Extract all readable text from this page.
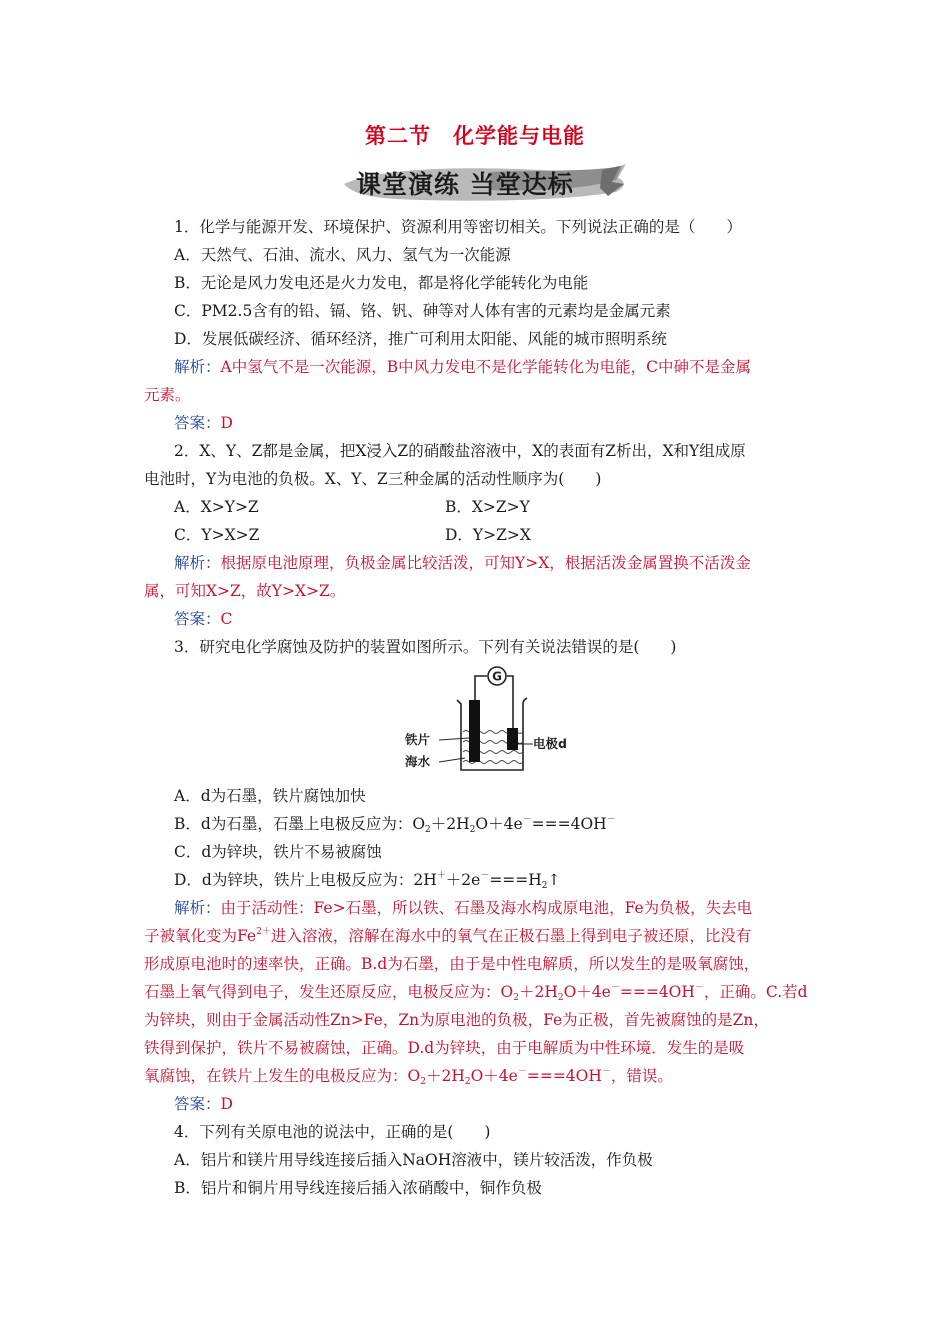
第二节　化学能与电能
课堂演练 当堂达标
1．化学与能源开发、环境保护、资源利用等密切相关。下列说法正确的是（　　）
A．天然气、石油、流水、风力、氢气为一次能源
B．无论是风力发电还是火力发电，都是将化学能转化为电能
C．PM2.5含有的铅、镉、铬、钒、砷等对人体有害的元素均是金属元素
D．发展低碳经济、循环经济，推广可利用太阳能、风能的城市照明系统
解析：A中氢气不是一次能源，B中风力发电不是化学能转化为电能，C中砷不是金属
元素。
答案：D
2．X、Y、Z都是金属，把X浸入Z的硝酸盐溶液中，X的表面有Z析出，X和Y组成原
电池时，Y为电池的负极。X、Y、Z三种金属的活动性顺序为(　　)
A．X>Y>Z	B．X>Z>Y
C．Y>X>Z	D．Y>Z>X
解析：根据原电池原理，负极金属比较活泼，可知Y>X，根据活泼金属置换不活泼金
属，可知X>Z，故Y>X>Z。
答案：C
3．研究电化学腐蚀及防护的装置如图所示。下列有关说法错误的是(　　)
G
铁片
海水
电极d
A．d为石墨，铁片腐蚀加快
B．d为石墨，石墨上电极反应为：$O_2+2H_2O+4e^-===4OH^-$
C．d为锌块，铁片不易被腐蚀
D．d为锌块，铁片上电极反应为：$2H^++2e^-===H_2↑$
解析：由于活动性：Fe>石墨，所以铁、石墨及海水构成原电池，Fe为负极，失去电
子被氧化变为$Fe^{2+}$进入溶液，溶解在海水中的氧气在正极石墨上得到电子被还原，比没有
形成原电池时的速率快，正确。B.d为石墨，由于是中性电解质，所以发生的是吸氧腐蚀，
石墨上氧气得到电子，发生还原反应，电极反应为：$O_2+2H_2O+4e^-===4OH^-$，正确。C.若d
为锌块，则由于金属活动性Zn>Fe，Zn为原电池的负极，Fe为正极，首先被腐蚀的是Zn，
铁得到保护，铁片不易被腐蚀，正确。D.d为锌块，由于电解质为中性环境．发生的是吸
氧腐蚀，在铁片上发生的电极反应为：$O_2+2H_2O+4e^-===4OH^-$，错误。
答案：D
4．下列有关原电池的说法中，正确的是(　　)
A．铝片和镁片用导线连接后插入NaOH溶液中，镁片较活泼，作负极
B．铝片和铜片用导线连接后插入浓硝酸中，铜作负极
